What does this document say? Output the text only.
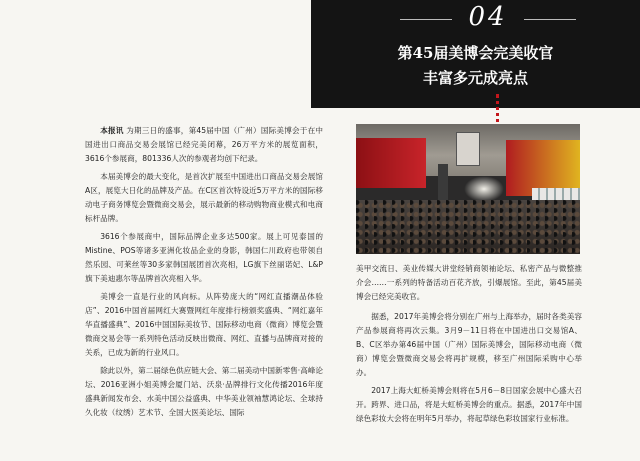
04
第45届美博会完美收官
丰富多元成亮点

本报讯 为期三日的盛事，第45届中国（广州）国际美博会于在中国进出口商品交易会展馆已经完美闭幕，26万平方米的展览面积，3616个参展商，801336人次的参观者均创下纪录。

本届美博会的最大变化，是首次扩展至中国进出口商品交易会展馆A区，展览大日化的品牌及产品。在C区首次特设近5万平方米的国际移动电子商务博览会暨微商交易会，展示最新的移动购物商业模式和电商标杆品牌。

3616个参展商中，国际品牌企业多达500家。展上可见泰国的Mistine、POS等诸多亚洲化妆品企业的身影，韩国仁川政府也带领自然乐园、可莱丝等30多家韩国展团首次亮相，LG旗下丝丽诺妃、L&P旗下美迪惠尔等品牌首次亮相入华。

美博会一直是行业的风向标。从阵势庞大的“网红直播潮品体验店”、2016中国首届网红大赛暨网红年度排行榜颁奖盛典、“网红嘉年华直播盛典”、2016中国国际美妆节、国际移动电商（微商）博览会暨微商交易会等一系列特色活动反映出微商、网红、直播与品牌商对接的关系，已成为新的行业风口。

除此以外，第二届绿色供应链大会、第二届美动中国新零售·高峰论坛、2016亚洲小姐美博会厦门站、沃泉·品牌排行文化传播2016年度盛典新闻发布会、水美中国公益盛典、中华美业领袖慧鸿论坛、全球持久化妆（纹绣）艺术节、全国大医美论坛、国际

美甲交流日、美业传媒大讲堂经销商领袖论坛、私密产品与微整推介会……一系列的特备活动百花齐放，引爆展馆。至此，第45届美博会已经完美收官。

据悉，2017年美博会将分别在广州与上海举办，届时各类美容产品参展商将再次云集。3月9－11日将在中国进出口交易馆A、B、C区举办第46届中国（广州）国际美博会，国际移动电商（微商）博览会暨微商交易会将再扩规模，移至广州国际采购中心举办。

2017上海大虹桥美博会则将在5月6－8日国家会展中心盛大召开。跨界、进口品，将是大虹桥美博会的重点。据悉，2017年中国绿色彩妆大会将在明年5月举办，将起草绿色彩妆国家行业标准。
